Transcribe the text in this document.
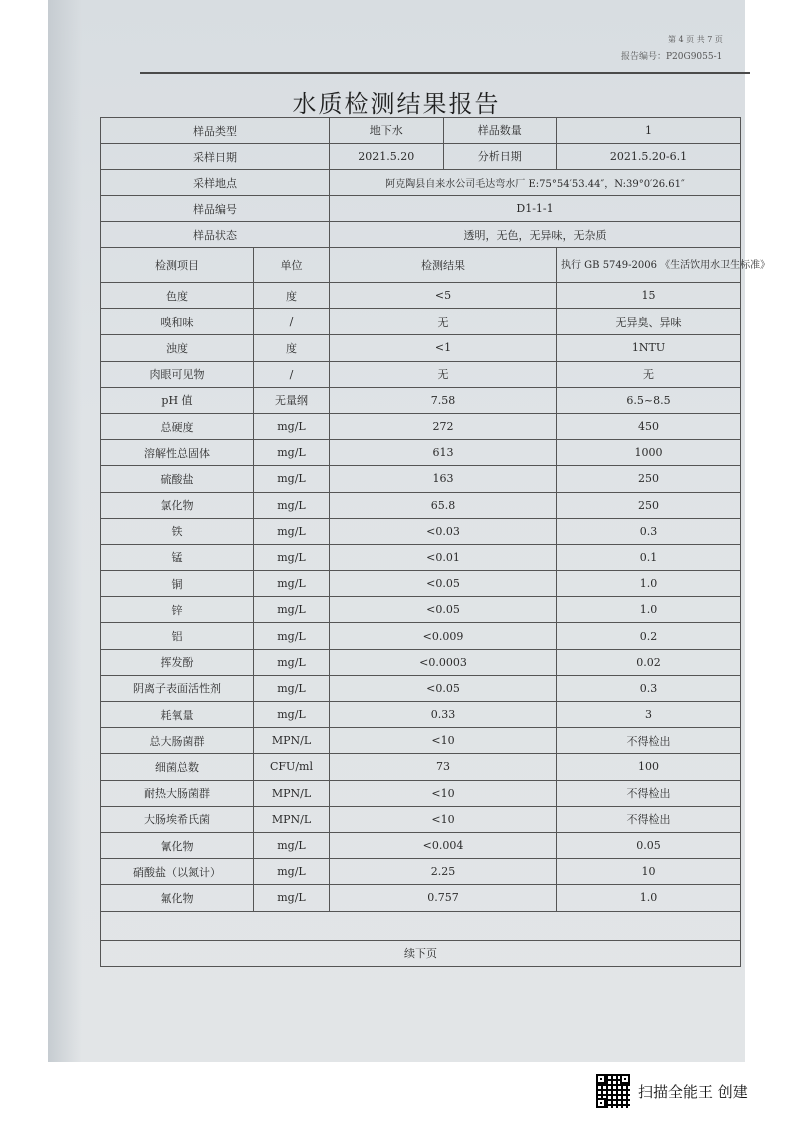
第 4 页 共 7 页
报告编号：P20G9055-1
水质检测结果报告
样品类型		地下水 样品数量	1
采样日期		2021.5.20 分析日期	2021.5.20-6.1
采样地点		阿克陶县自来水公司毛达弯水厂 E:75°54′53.44″，N:39°0′26.61″	
样品编号		D1-1-1	
样品状态		透明，无色，无异味，无杂质	
检测项目	单位	检测结果	执行 GB 5749-2006 《生活饮用水卫生标准》
色度	度	<5	15
嗅和味	/	无	无异臭、异味
浊度	度	<1	1NTU
肉眼可见物	/	无	无
pH 值	无量纲	7.58	6.5~8.5
总硬度	mg/L	272	450
溶解性总固体	mg/L	613	1000
硫酸盐	mg/L	163	250
氯化物	mg/L	65.8	250
铁	mg/L	<0.03	0.3
锰	mg/L	<0.01	0.1
铜	mg/L	<0.05	1.0
锌	mg/L	<0.05	1.0
铝	mg/L	<0.009	0.2
挥发酚	mg/L	<0.0003	0.02
阴离子表面活性剂	mg/L	<0.05	0.3
耗氧量	mg/L	0.33	3
总大肠菌群	MPN/L	<10	不得检出
细菌总数	CFU/ml	73	100
耐热大肠菌群	MPN/L	<10	不得检出
大肠埃希氏菌	MPN/L	<10	不得检出
氰化物	mg/L	<0.004	0.05
硝酸盐（以氮计）	mg/L	2.25	10
氟化物	mg/L	0.757	1.0

续下页			
扫描全能王 创建
